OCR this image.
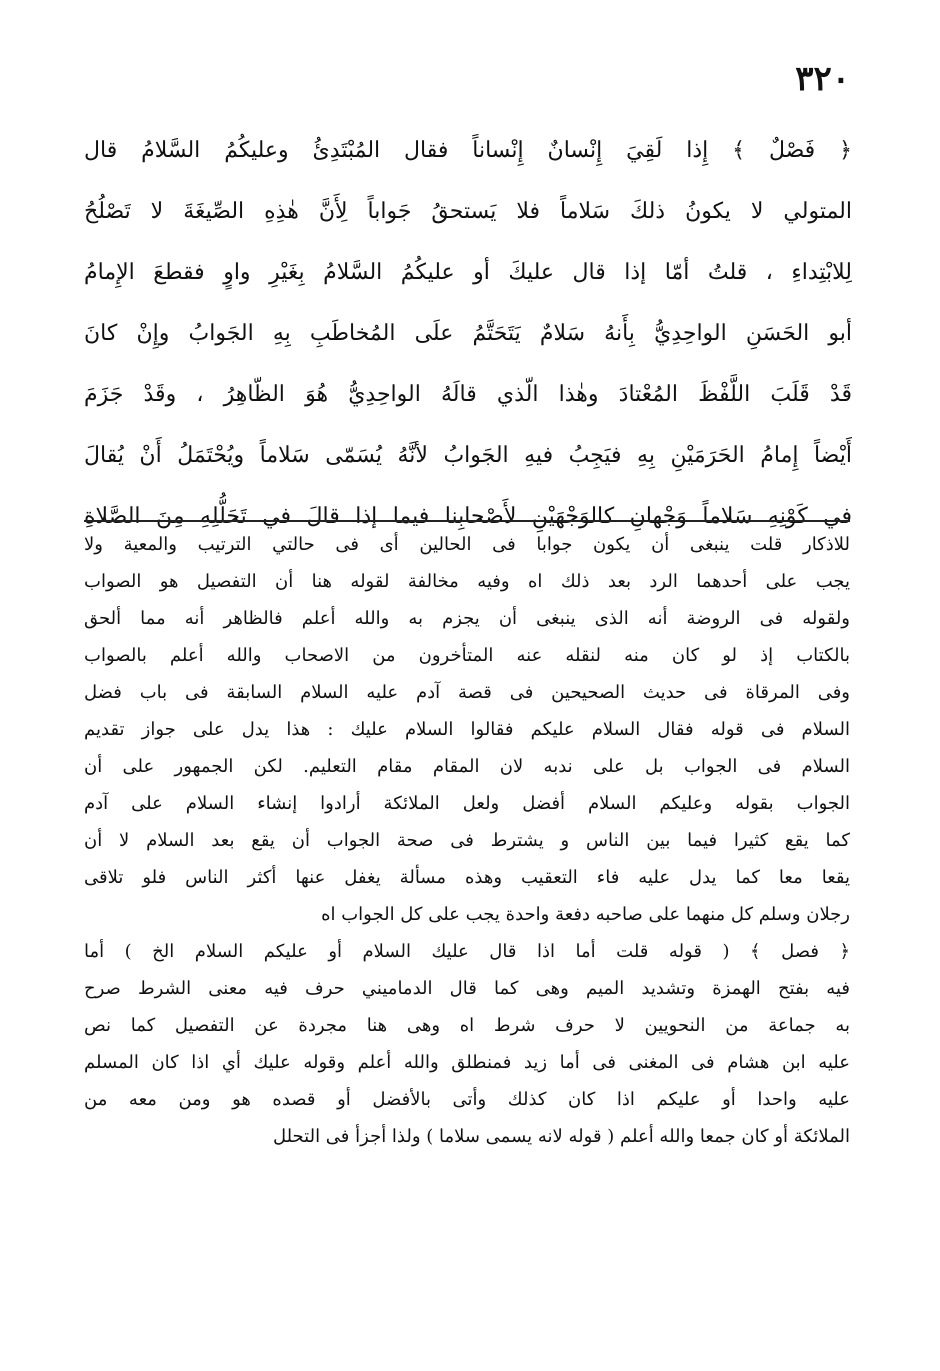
٣٢٠

﴿ فَصْلٌ ﴾ إِذا لَقِيَ إِنْسانٌ إِنْساناً فقال المُبْتَدِئُ وعليكُمُ السَّلامُ قال

المتولي لا يكونُ ذلكَ سَلاماً فلا يَستحقُ جَواباً لِأَنَّ هٰذِهِ الصِّيغَةَ لا تَصْلُحُ

لِلابْتِداءِ ، قلتُ أمّا إذا قال عليكَ أو عليكُمُ السَّلامُ بِغَيْرِ واوٍ فقطعَ الإِمامُ

أبو الحَسَنِ الواحِدِيُّ بِأَنهُ سَلامٌ يَتَحَتَّمُ علَى المُخاطَبِ بِهِ الجَوابُ وإِنْ كانَ

قَدْ قَلَبَ اللَّفْظَ المُعْتادَ وهٰذا الّذي قالَهُ الواحِدِيُّ هُوَ الظّاهِرُ ، وقَدْ جَزَمَ

أَيْضاً إِمامُ الحَرَمَيْنِ بِهِ فيَجِبُ فيهِ الجَوابُ لأنَّهُ يُسَمّى سَلاماً ويُحْتَمَلُ أَنْ يُقالَ

في كَوْنِهِ سَلاماً وَجْهانِ كالوَجْهَيْنِ لأَصْحابِنا فيما إذا قالَ في تَحَلُّلِهِ مِنَ الصَّلاةِ

للاذكار قلت ينبغى أن يكون جوابا فى الحالين أى فى حالتي الترتيب والمعية ولا

يجب على أحدهما الرد بعد ذلك اه وفيه مخالفة لقوله هنا أن التفصيل هو الصواب

ولقوله فى الروضة أنه الذى ينبغى أن يجزم به والله أعلم فالظاهر أنه مما ألحق

بالكتاب إذ لو كان منه لنقله عنه المتأخرون من الاصحاب والله أعلم بالصواب

وفى المرقاة فى حديث الصحيحين فى قصة آدم عليه السلام السابقة فى باب فضل

السلام فى قوله فقال السلام عليكم فقالوا السلام عليك : هذا يدل على جواز تقديم

السلام فى الجواب بل على ندبه لان المقام مقام التعليم. لكن الجمهور على أن

الجواب بقوله وعليكم السلام أفضل ولعل الملائكة أرادوا إنشاء السلام على آدم

كما يقع كثيرا فيما بين الناس و يشترط فى صحة الجواب أن يقع بعد السلام لا أن

يقعا معا كما يدل عليه فاء التعقيب وهذه مسألة يغفل عنها أكثر الناس فلو تلاقى

رجلان وسلم كل منهما على صاحبه دفعة واحدة يجب على كل الجواب اه

﴿ فصل ﴾ ( قوله قلت أما اذا قال عليك السلام أو عليكم السلام الخ ) أما

فيه بفتح الهمزة وتشديد الميم وهى كما قال الدماميني حرف فيه معنى الشرط صرح

به جماعة من النحويين لا حرف شرط اه وهى هنا مجردة عن التفصيل كما نص

عليه ابن هشام فى المغنى فى أما زيد فمنطلق والله أعلم وقوله عليك أي اذا كان المسلم

عليه واحدا أو عليكم اذا كان كذلك وأتى بالأفضل أو قصده هو ومن معه من

الملائكة أو كان جمعا والله أعلم ( قوله لانه يسمى سلاما ) ولذا أجزأ فى التحلل
